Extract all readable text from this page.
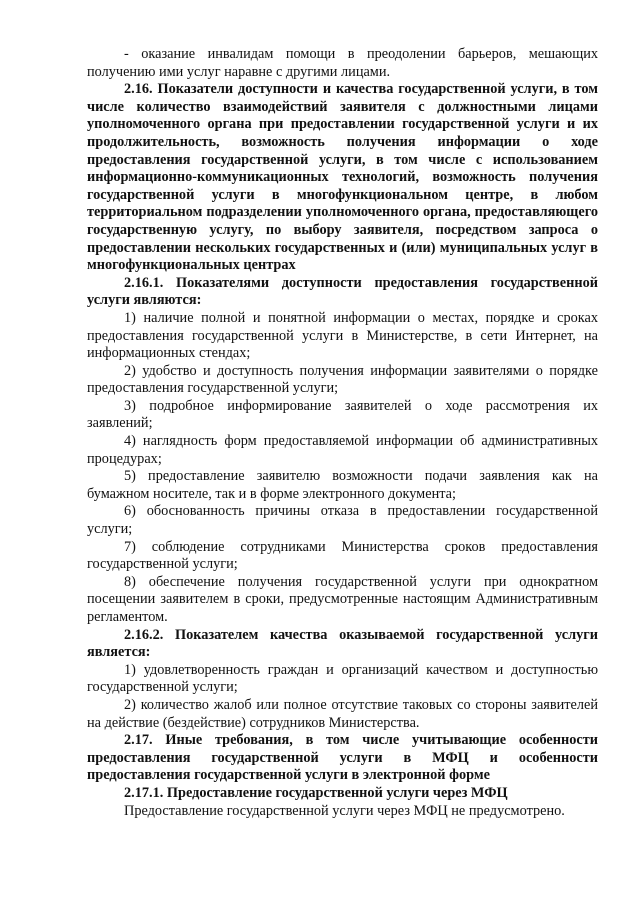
- оказание инвалидам помощи в преодолении барьеров, мешающих получению ими услуг наравне с другими лицами.

2.16. Показатели доступности и качества государственной услуги, в том числе количество взаимодействий заявителя с должностными лицами уполномоченного органа при предоставлении государственной услуги и их продолжительность, возможность получения информации о ходе предоставления государственной услуги, в том числе с использованием информационно-коммуникационных технологий, возможность получения государственной услуги в многофункциональном центре, в любом территориальном подразделении уполномоченного органа, предоставляющего государственную услугу, по выбору заявителя, посредством запроса о предоставлении нескольких государственных и (или) муниципальных услуг в многофункциональных центрах

2.16.1. Показателями доступности предоставления государственной услуги являются:

1) наличие полной и понятной информации о местах, порядке и сроках предоставления государственной услуги в Министерстве, в сети Интернет, на информационных стендах;

2) удобство и доступность получения информации заявителями о порядке предоставления государственной услуги;

3) подробное информирование заявителей о ходе рассмотрения их заявлений;

4) наглядность форм предоставляемой информации об административных процедурах;

5) предоставление заявителю возможности подачи заявления как на бумажном носителе, так и в форме электронного документа;

6) обоснованность причины отказа в предоставлении государственной услуги;

7) соблюдение сотрудниками Министерства сроков предоставления государственной услуги;

8) обеспечение получения государственной услуги при однократном посещении заявителем в сроки, предусмотренные настоящим Административным регламентом.

2.16.2. Показателем качества оказываемой государственной услуги является:

1) удовлетворенность граждан и организаций качеством и доступностью государственной услуги;

2) количество жалоб или полное отсутствие таковых со стороны заявителей на действие (бездействие) сотрудников Министерства.

2.17. Иные требования, в том числе учитывающие особенности предоставления государственной услуги в МФЦ и особенности предоставления государственной услуги в электронной форме

2.17.1. Предоставление государственной услуги через МФЦ

Предоставление государственной услуги через МФЦ не предусмотрено.
